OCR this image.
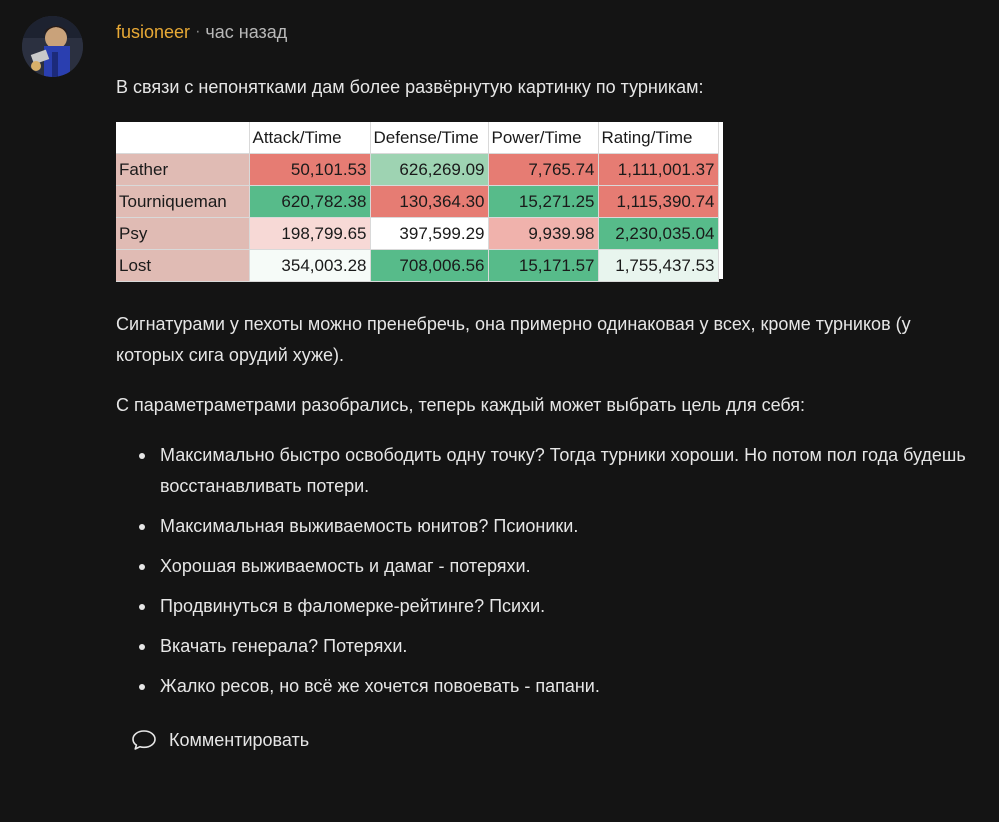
fusioneer · час назад
В связи с непонятками дам более развёрнутую картинку по турникам:
	Attack/Time	Defense/Time	Power/Time	Rating/Time
Father	50,101.53	626,269.09	7,765.74	1,111,001.37
Tourniqueman	620,782.38	130,364.30	15,271.25	1,115,390.74
Psy	198,799.65	397,599.29	9,939.98	2,230,035.04
Lost	354,003.28	708,006.56	15,171.57	1,755,437.53
Сигнатурами у пехоты можно пренебречь, она примерно одинаковая у всех, кроме турников (у которых сига орудий хуже).
С параметраметрами разобрались, теперь каждый может выбрать цель для себя:
Максимально быстро освободить одну точку? Тогда турники хороши. Но потом пол года будешь восстанавливать потери.
Максимальная выживаемость юнитов? Псионики.
Хорошая выживаемость и дамаг - потеряхи.
Продвинуться в фаломерке-рейтинге? Психи.
Вкачать генерала? Потеряхи.
Жалко ресов, но всё же хочется повоевать - папани.
Комментировать
